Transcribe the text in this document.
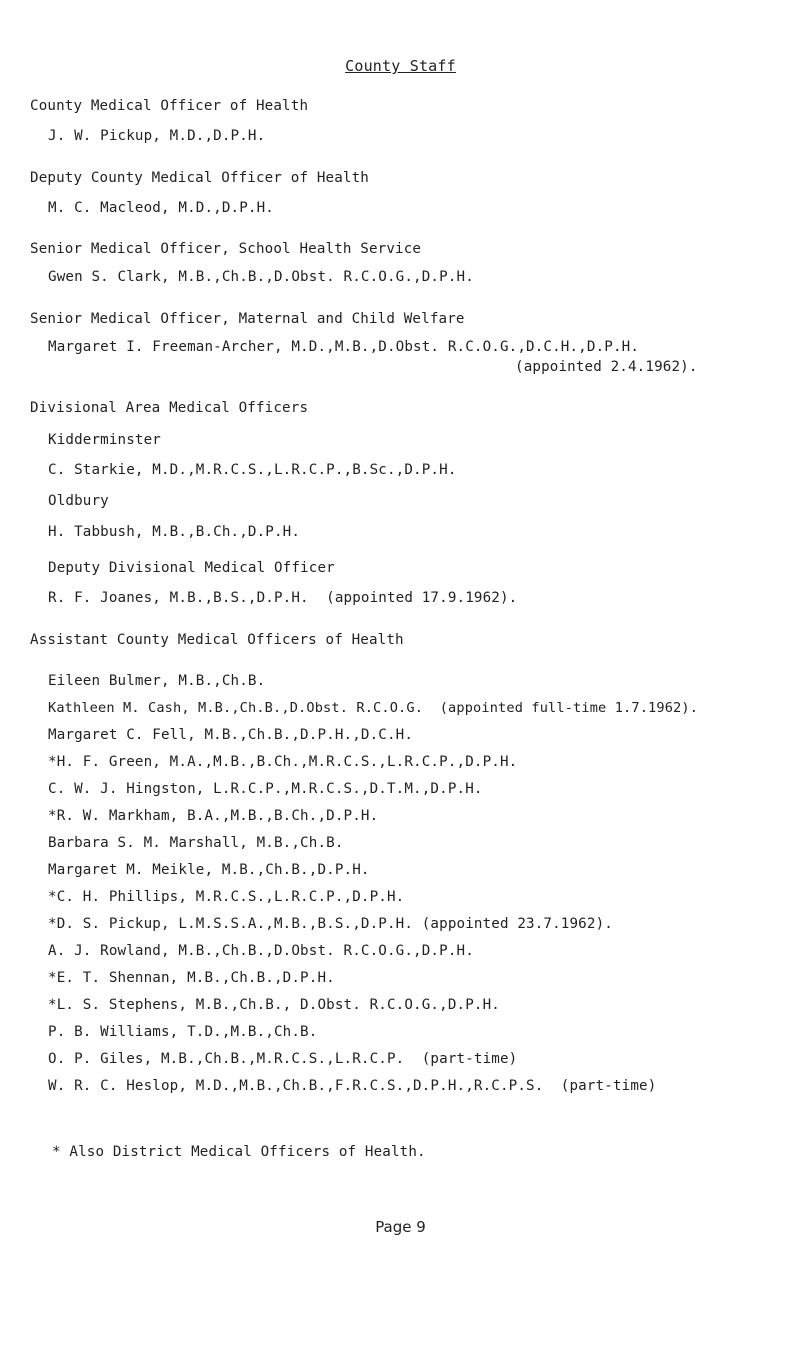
County Staff
County Medical Officer of Health
J. W. Pickup, M.D.,D.P.H.
Deputy County Medical Officer of Health
M. C. Macleod, M.D.,D.P.H.
Senior Medical Officer, School Health Service
Gwen S. Clark, M.B.,Ch.B.,D.Obst. R.C.O.G.,D.P.H.
Senior Medical Officer, Maternal and Child Welfare
Margaret I. Freeman-Archer, M.D.,M.B.,D.Obst. R.C.O.G.,D.C.H.,D.P.H.
(appointed 2.4.1962).
Divisional Area Medical Officers
Kidderminster
C. Starkie, M.D.,M.R.C.S.,L.R.C.P.,B.Sc.,D.P.H.
Oldbury
H. Tabbush, M.B.,B.Ch.,D.P.H.
Deputy Divisional Medical Officer
R. F. Joanes, M.B.,B.S.,D.P.H.  (appointed 17.9.1962).
Assistant County Medical Officers of Health
Eileen Bulmer, M.B.,Ch.B.
Kathleen M. Cash, M.B.,Ch.B.,D.Obst. R.C.O.G.  (appointed full-time 1.7.1962).
Margaret C. Fell, M.B.,Ch.B.,D.P.H.,D.C.H.
*H. F. Green, M.A.,M.B.,B.Ch.,M.R.C.S.,L.R.C.P.,D.P.H.
C. W. J. Hingston, L.R.C.P.,M.R.C.S.,D.T.M.,D.P.H.
*R. W. Markham, B.A.,M.B.,B.Ch.,D.P.H.
Barbara S. M. Marshall, M.B.,Ch.B.
Margaret M. Meikle, M.B.,Ch.B.,D.P.H.
*C. H. Phillips, M.R.C.S.,L.R.C.P.,D.P.H.
*D. S. Pickup, L.M.S.S.A.,M.B.,B.S.,D.P.H. (appointed 23.7.1962).
A. J. Rowland, M.B.,Ch.B.,D.Obst. R.C.O.G.,D.P.H.
*E. T. Shennan, M.B.,Ch.B.,D.P.H.
*L. S. Stephens, M.B.,Ch.B., D.Obst. R.C.O.G.,D.P.H.
P. B. Williams, T.D.,M.B.,Ch.B.
O. P. Giles, M.B.,Ch.B.,M.R.C.S.,L.R.C.P.  (part-time)
W. R. C. Heslop, M.D.,M.B.,Ch.B.,F.R.C.S.,D.P.H.,R.C.P.S.  (part-time)
* Also District Medical Officers of Health.
Page 9
